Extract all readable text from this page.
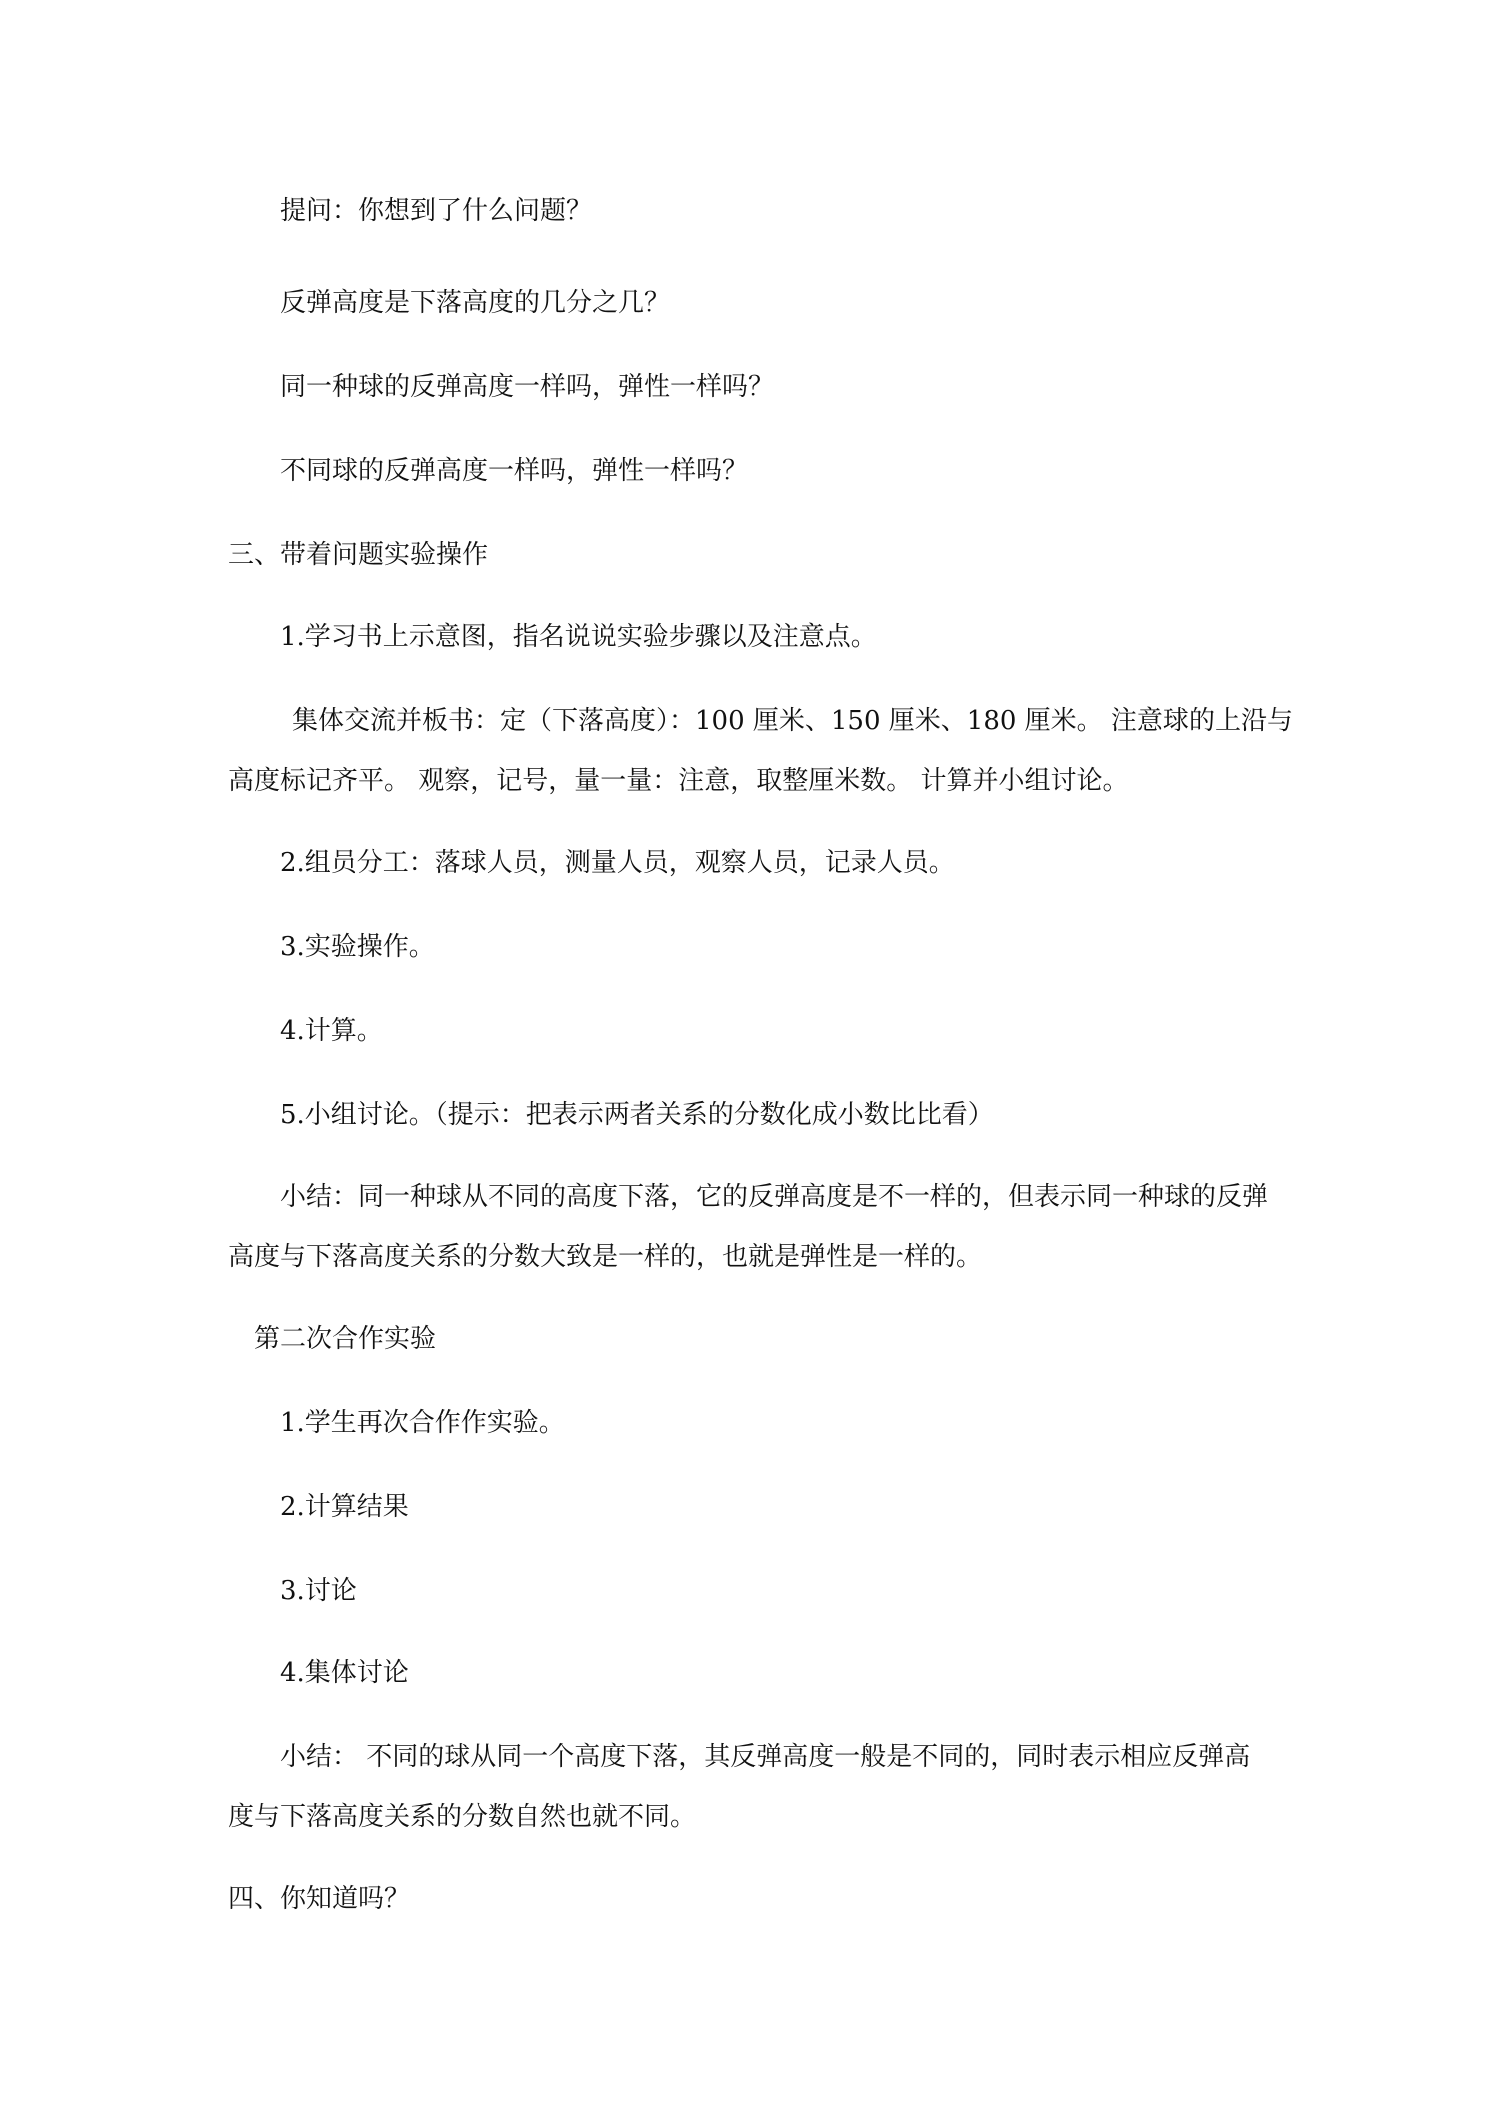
提问：你想到了什么问题？

反弹高度是下落高度的几分之几？

同一种球的反弹高度一样吗，弹性一样吗？

不同球的反弹高度一样吗，弹性一样吗？

三、带着问题实验操作

1.学习书上示意图，指名说说实验步骤以及注意点。

集体交流并板书：定（下落高度）：100 厘米、150 厘米、180 厘米。 注意球的上沿与

高度标记齐平。 观察，记号，量一量：注意，取整厘米数。 计算并小组讨论。

2.组员分工：落球人员，测量人员，观察人员，记录人员。

3.实验操作。

4.计算。

5.小组讨论。（提示：把表示两者关系的分数化成小数比比看）

小结：同一种球从不同的高度下落，它的反弹高度是不一样的，但表示同一种球的反弹

高度与下落高度关系的分数大致是一样的，也就是弹性是一样的。

第二次合作实验

1.学生再次合作作实验。

2.计算结果

3.讨论

4.集体讨论

小结： 不同的球从同一个高度下落，其反弹高度一般是不同的，同时表示相应反弹高

度与下落高度关系的分数自然也就不同。

四、你知道吗？
